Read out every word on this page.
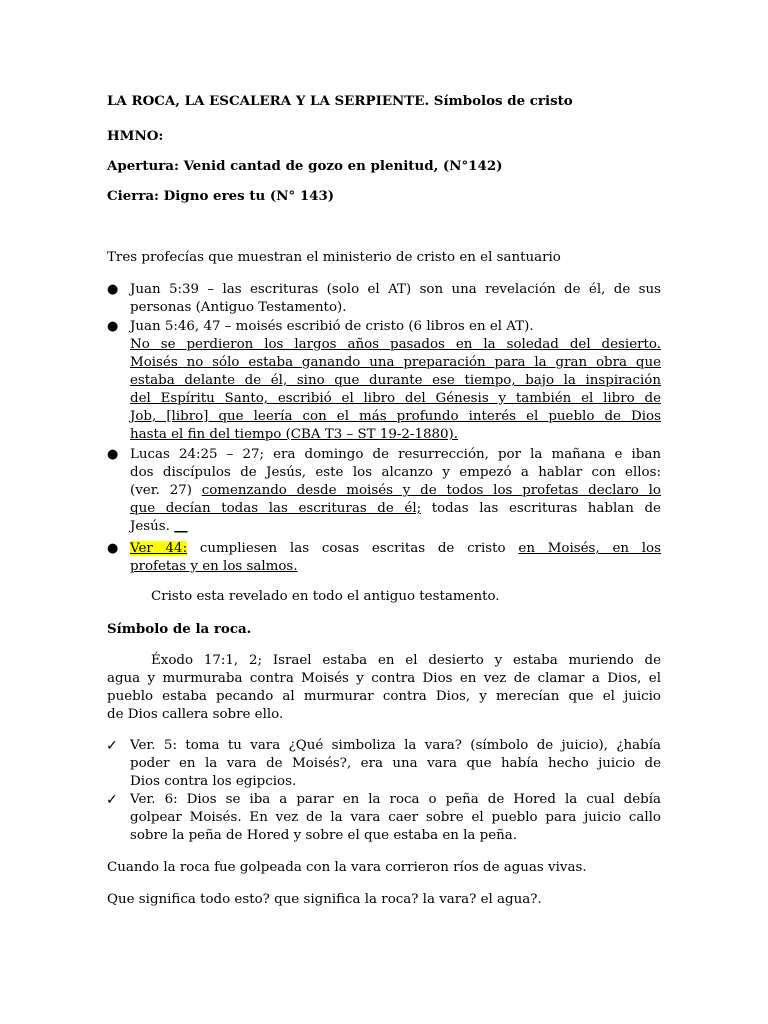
LA ROCA, LA ESCALERA Y LA SERPIENTE. Símbolos de cristo

HMNO:

Apertura: Venid cantad de gozo en plenitud, (N°142)

Cierra: Digno eres tu (N° 143)

Tres profecías que muestran el ministerio de cristo en el santuario

● Juan 5:39 – las escrituras (solo el AT) son una revelación de él, de sus
personas (Antiguo Testamento).
● Juan 5:46, 47 – moisés escribió de cristo (6 libros en el AT).
No se perdieron los largos años pasados en la soledad del desierto.
Moisés no sólo estaba ganando una preparación para la gran obra que
estaba delante de él, sino que durante ese tiempo, bajo la inspiración
del Espíritu Santo, escribió el libro del Génesis y también el libro de
Job, [libro] que leería con el más profundo interés el pueblo de Dios
hasta el fin del tiempo (CBA T3 – ST 19-2-1880).
● Lucas 24:25 – 27; era domingo de resurrección, por la mañana e iban
dos discípulos de Jesús, este los alcanzo y empezó a hablar con ellos:
(ver. 27) comenzando desde moisés y de todos los profetas declaro lo
que decían todas las escrituras de él; todas las escrituras hablan de
Jesús. __
● Ver 44: cumpliesen las cosas escritas de cristo en Moisés, en los
profetas y en los salmos.

Cristo esta revelado en todo el antiguo testamento.

Símbolo de la roca.

Éxodo 17:1, 2; Israel estaba en el desierto y estaba muriendo de
agua y murmuraba contra Moisés y contra Dios en vez de clamar a Dios, el
pueblo estaba pecando al murmurar contra Dios, y merecían que el juicio
de Dios callera sobre ello.
✓ Ver. 5: toma tu vara ¿Qué simboliza la vara? (símbolo de juicio), ¿había
poder en la vara de Moisés?, era una vara que había hecho juicio de
Dios contra los egipcios.
✓ Ver. 6: Dios se iba a parar en la roca o peña de Hored la cual debía
golpear Moisés. En vez de la vara caer sobre el pueblo para juicio callo
sobre la peña de Hored y sobre el que estaba en la peña.

Cuando la roca fue golpeada con la vara corrieron ríos de aguas vivas.

Que significa todo esto? que significa la roca? la vara? el agua?.
